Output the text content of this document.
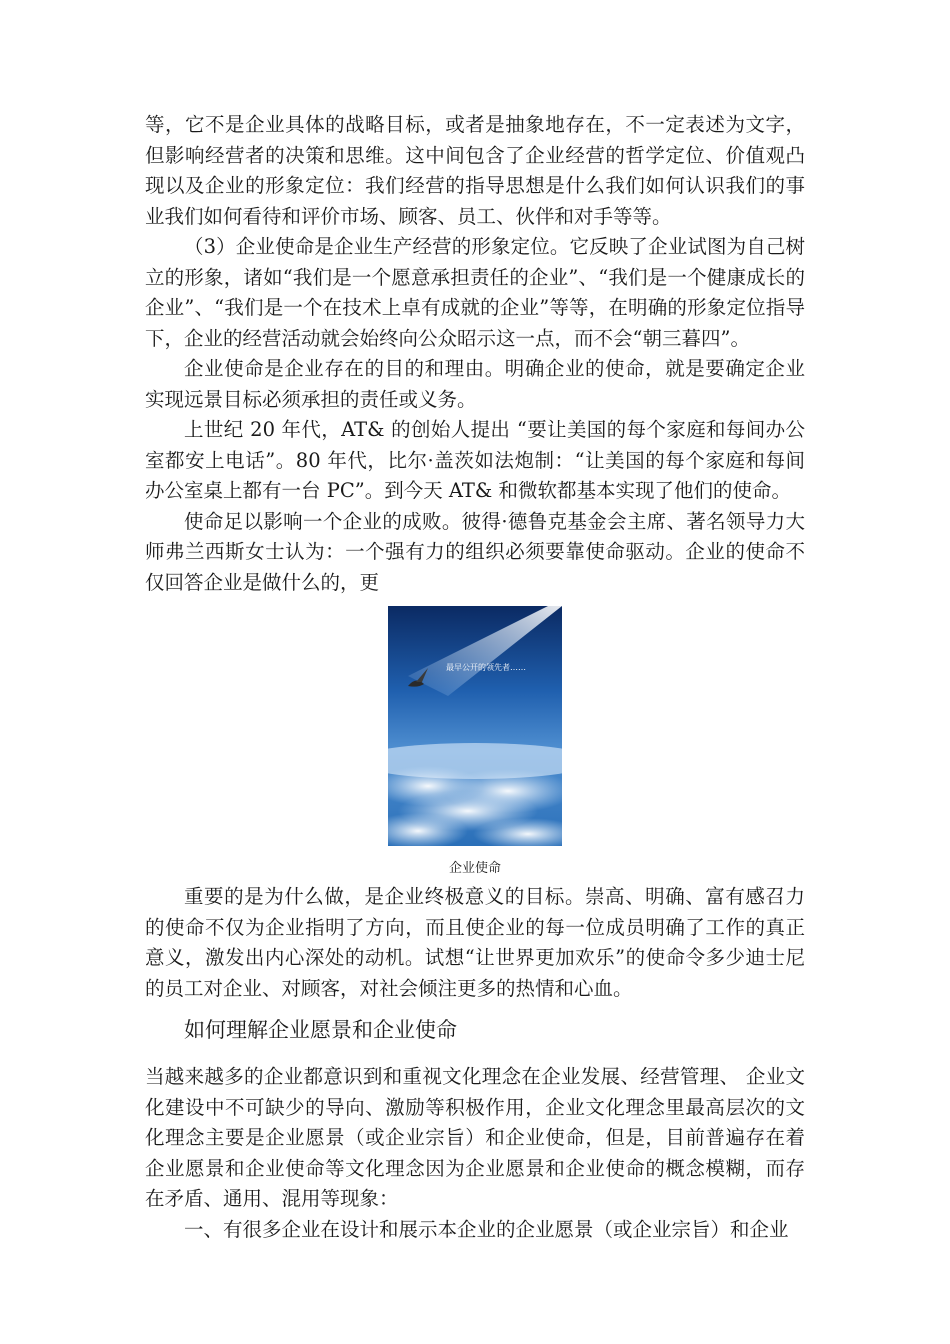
等，它不是企业具体的战略目标，或者是抽象地存在，不一定表述为文字，但影响经营者的决策和思维。这中间包含了企业经营的哲学定位、价值观凸现以及企业的形象定位：我们经营的指导思想是什么我们如何认识我们的事业我们如何看待和评价市场、顾客、员工、伙伴和对手等等。

（3）企业使命是企业生产经营的形象定位。它反映了企业试图为自己树立的形象，诸如“我们是一个愿意承担责任的企业”、“我们是一个健康成长的企业”、“我们是一个在技术上卓有成就的企业”等等，在明确的形象定位指导下，企业的经营活动就会始终向公众昭示这一点，而不会“朝三暮四”。

企业使命是企业存在的目的和理由。明确企业的使命，就是要确定企业实现远景目标必须承担的责任或义务。

上世纪 20 年代，AT& 的创始人提出 “要让美国的每个家庭和每间办公室都安上电话”。80 年代，比尔·盖茨如法炮制：“让美国的每个家庭和每间办公室桌上都有一台 PC”。到今天 AT& 和微软都基本实现了他们的使命。

使命足以影响一个企业的成败。彼得·德鲁克基金会主席、著名领导力大师弗兰西斯女士认为：一个强有力的组织必须要靠使命驱动。企业的使命不仅回答企业是做什么的，更

最早公开的领先者……
企业使命

重要的是为什么做，是企业终极意义的目标。崇高、明确、富有感召力的使命不仅为企业指明了方向，而且使企业的每一位成员明确了工作的真正意义，激发出内心深处的动机。试想“让世界更加欢乐”的使命令多少迪士尼的员工对企业、对顾客，对社会倾注更多的热情和心血。

如何理解企业愿景和企业使命

当越来越多的企业都意识到和重视文化理念在企业发展、经营管理、 企业文化建设中不可缺少的导向、激励等积极作用，企业文化理念里最高层次的文化理念主要是企业愿景（或企业宗旨）和企业使命，但是，目前普遍存在着企业愿景和企业使命等文化理念因为企业愿景和企业使命的概念模糊，而存在矛盾、通用、混用等现象：

一、有很多企业在设计和展示本企业的企业愿景（或企业宗旨）和企业
